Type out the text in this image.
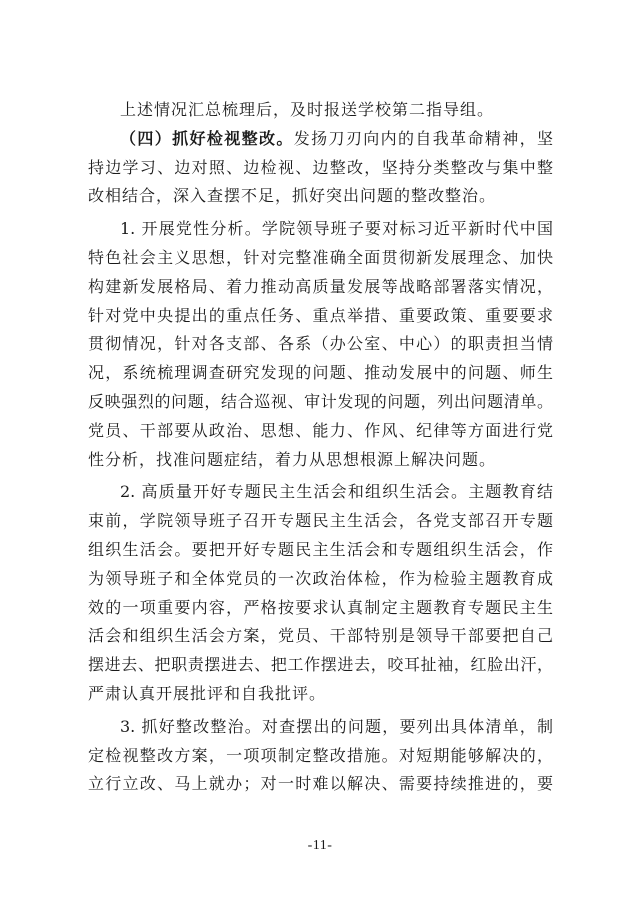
上述情况汇总梳理后，及时报送学校第二指导组。
（四）抓好检视整改。发扬刀刃向内的自我革命精神，坚
持边学习、边对照、边检视、边整改，坚持分类整改与集中整
改相结合，深入查摆不足，抓好突出问题的整改整治。
1. 开展党性分析。学院领导班子要对标习近平新时代中国
特色社会主义思想，针对完整准确全面贯彻新发展理念、加快
构建新发展格局、着力推动高质量发展等战略部署落实情况，
针对党中央提出的重点任务、重点举措、重要政策、重要要求
贯彻情况，针对各支部、各系（办公室、中心）的职责担当情
况，系统梳理调查研究发现的问题、推动发展中的问题、师生
反映强烈的问题，结合巡视、审计发现的问题，列出问题清单。
党员、干部要从政治、思想、能力、作风、纪律等方面进行党
性分析，找准问题症结，着力从思想根源上解决问题。
2. 高质量开好专题民主生活会和组织生活会。主题教育结
束前，学院领导班子召开专题民主生活会，各党支部召开专题
组织生活会。要把开好专题民主生活会和专题组织生活会，作
为领导班子和全体党员的一次政治体检，作为检验主题教育成
效的一项重要内容，严格按要求认真制定主题教育专题民主生
活会和组织生活会方案，党员、干部特别是领导干部要把自己
摆进去、把职责摆进去、把工作摆进去，咬耳扯袖，红脸出汗，
严肃认真开展批评和自我批评。
3. 抓好整改整治。对查摆出的问题，要列出具体清单，制
定检视整改方案，一项项制定整改措施。对短期能够解决的，
立行立改、马上就办；对一时难以解决、需要持续推进的，要
-11-
